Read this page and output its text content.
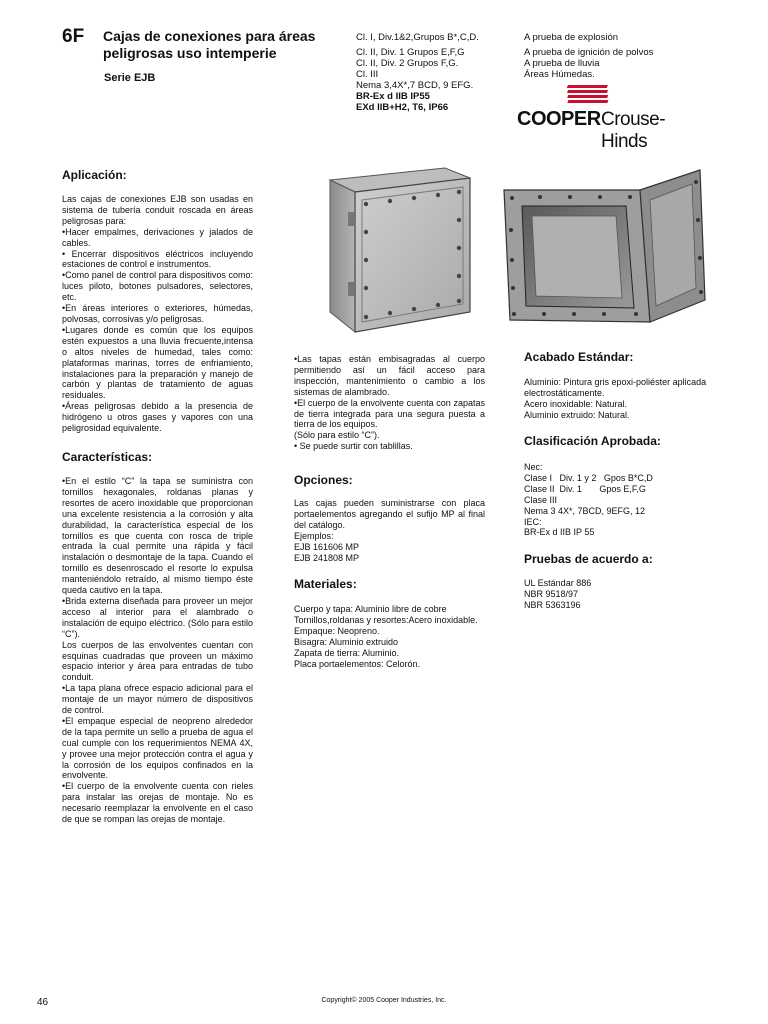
6F Cajas de conexiones para áreas
peligrosas uso intemperie
Serie EJB
Cl. I, Div.1&2,Grupos B*,C,D.
Cl. II, Div. 1 Grupos E,F,G
Cl. II, Div. 2 Grupos F,G.
Cl. III
Nema 3,4X*,7 BCD, 9 EFG.
BR-Ex d IIB IP55
EXd IIB+H2, T6, IP66
A prueba de explosión
A prueba de ignición de polvos
A prueba de lluvia
Áreas Húmedas.
COOPER Crouse-Hinds
Aplicación:

Las cajas de conexiones EJB son usadas en sistema de tubería conduit roscada en áreas peligrosas para:

•Hacer empalmes, derivaciones y jalados de cables.

• Encerrar dispositivos eléctricos incluyendo estaciones de control e instrumentos.

•Como panel de control para dispositivos como: luces piloto, botones pulsadores, selectores, etc.

•En áreas interiores o exteriores, húmedas, polvosas, corrosivas y/o peligrosas.

•Lugares donde es común que los equipos estén expuestos a una lluvia frecuente,intensa o altos niveles de humedad, tales como: plataformas marinas, torres de enfriamiento, instalaciones para la preparación y manejo de carbón y plantas de tratamiento de aguas residuales.

•Áreas peligrosas debido a la presencia de hidrógeno u otros gases y vapores con una peligrosidad equivalente.

Características:

•En el estilo “C” la tapa se suministra con tornillos hexagonales, roldanas planas y resortes de acero inoxidable que proporcionan una excelente resistencia a la corrosión y alta durabilidad, la característica especial de los tornillos es que cuenta con rosca de triple entrada la cual permite una rápida y fácil instalación o desmontaje de la tapa. Cuando el tornillo es desenroscado el resorte lo expulsa manteniéndolo retraído, al mismo tiempo éste queda cautivo en la tapa.

•Brida externa diseñada para proveer un mejor acceso al interior para el alambrado o instalación de equipo eléctrico. (Sólo para estilo “C”).

Los cuerpos de las envolventes cuentan con esquinas cuadradas que proveen un máximo espacio interior y área para entradas de tubo conduit.

•La tapa plana ofrece espacio adicional para el montaje de un mayor número de dispositivos de control.

•El empaque especial de neopreno alrededor de la tapa permite un sello a prueba de agua el cual cumple con los requerimientos NEMA 4X, y provee una mejor protección contra el agua y la corrosión de los equipos confinados en la envolvente.

•El cuerpo de la envolvente cuenta con rieles para instalar las orejas de montaje. No es necesario reemplazar la envolvente en el caso de que se rompan las orejas de montaje.

•Las tapas están embisagradas al cuerpo permitiendo así un fácil acceso para inspección, mantenimiento o cambio a los sistemas de alambrado.

•El cuerpo de la envolvente cuenta con zapatas de tierra integrada para una segura puesta a tierra de los equipos.

(Sólo para estilo “C”).

• Se puede surtir con tablillas.

Opciones:

Las cajas pueden suministrarse con placa portaelementos agregando el sufijo MP al final del catálogo.

Ejemplos:

EJB 161606 MP

EJB 241808 MP

Materiales:

Cuerpo y tapa: Aluminio libre de cobre

Tornillos,roldanas y resortes:Acero inoxidable.

Empaque: Neopreno.

Bisagra: Aluminio extruido

Zapata de tierra: Aluminio.

Placa portaelementos: Celorón.

Acabado Estándar:

Aluminio: Pintura gris epoxi-poliéster aplicada electrostáticamente.

Acero inoxidable: Natural.

Aluminio extruido: Natural.

Clasificación Aprobada:

Nec:

Clase I   Div. 1 y 2   Gpos B*C,D

Clase II  Div. 1       Gpos E,F,G

Clase III

Nema 3 4X*, 7BCD, 9EFG, 12

IEC:

BR-Ex d IIB IP 55

Pruebas de acuerdo a:

UL Estándar 886

NBR 9518/97

NBR 5363196

46	Copyright© 2005 Cooper Industries, Inc.
